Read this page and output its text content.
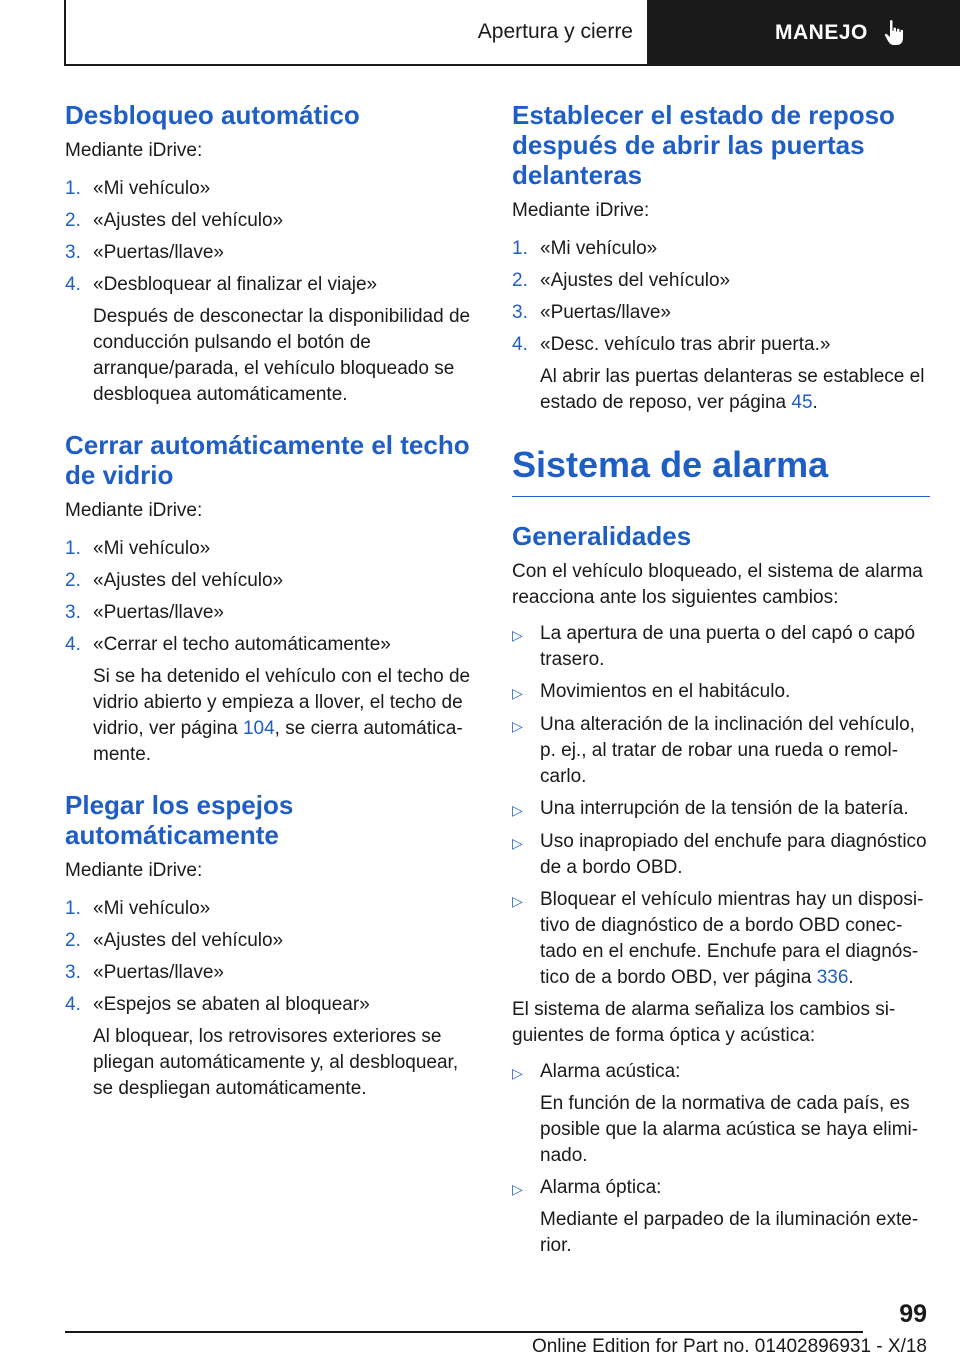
Apertura y cierre	MANEJO
Desbloqueo automático

Mediante iDrive:

1. «Mi vehículo»
2. «Ajustes del vehículo»
3. «Puertas/llave»
4. «Desbloquear al finalizar el viaje»

Después de desconectar la disponibilidad de conducción pulsando el botón de arranque/parada, el vehículo bloqueado se desbloquea automáticamente.

Cerrar automáticamente el techo de vidrio

Mediante iDrive:

1. «Mi vehículo»
2. «Ajustes del vehículo»
3. «Puertas/llave»
4. «Cerrar el techo automáticamente»

Si se ha detenido el vehículo con el techo de vidrio abierto y empieza a llover, el techo de vidrio, ver página 104, se cierra automáticamente.

Plegar los espejos automáticamente

Mediante iDrive:

1. «Mi vehículo»
2. «Ajustes del vehículo»
3. «Puertas/llave»
4. «Espejos se abaten al bloquear»

Al bloquear, los retrovisores exteriores se pliegan automáticamente y, al desbloquear, se despliegan automáticamente.

Establecer el estado de reposo después de abrir las puertas delanteras

Mediante iDrive:

1. «Mi vehículo»
2. «Ajustes del vehículo»
3. «Puertas/llave»
4. «Desc. vehículo tras abrir puerta.»

Al abrir las puertas delanteras se establece el estado de reposo, ver página 45.

Sistema de alarma
Generalidades

Con el vehículo bloqueado, el sistema de alarma reacciona ante los siguientes cambios:

▷ La apertura de una puerta o del capó o capó trasero.
▷ Movimientos en el habitáculo.
▷ Una alteración de la inclinación del vehículo, p. ej., al tratar de robar una rueda o remolcarlo.
▷ Una interrupción de la tensión de la batería.
▷ Uso inapropiado del enchufe para diagnóstico de a bordo OBD.
▷ Bloquear el vehículo mientras hay un dispositivo de diagnóstico de a bordo OBD conectado en el enchufe. Enchufe para el diagnóstico de a bordo OBD, ver página 336.

El sistema de alarma señaliza los cambios siguientes de forma óptica y acústica:

▷ Alarma acústica:

En función de la normativa de cada país, es posible que la alarma acústica se haya eliminado.

▷ Alarma óptica:

Mediante el parpadeo de la iluminación exterior.

99
Online Edition for Part no. 01402896931 - X/18
